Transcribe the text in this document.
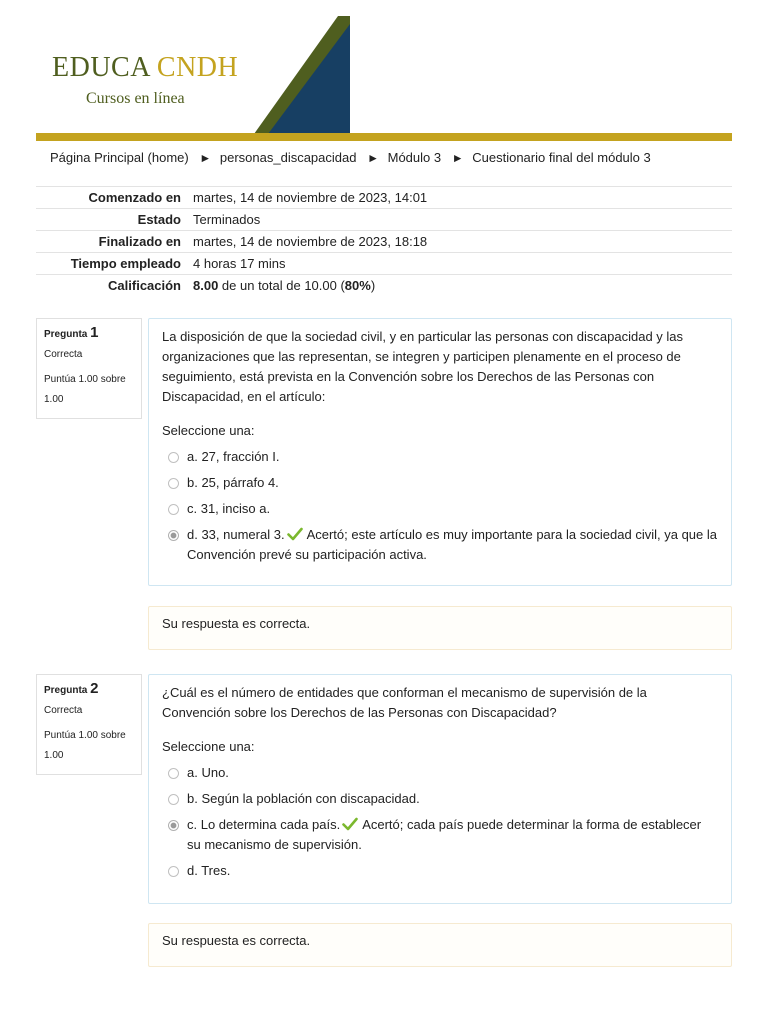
EDUCA CNDH
Cursos en línea
Página Principal (home) ► personas_discapacidad ► Módulo 3 ► Cuestionario final del módulo 3
Comenzado en	martes, 14 de noviembre de 2023, 14:01
Estado	Terminados
Finalizado en	martes, 14 de noviembre de 2023, 18:18
Tiempo empleado	4 horas 17 mins
Calificación	8.00 de un total de 10.00 (80%)
Pregunta 1
Correcta
Puntúa 1.00 sobre 1.00
La disposición de que la sociedad civil, y en particular las personas con discapacidad y las organizaciones que las representan, se integren y participen plenamente en el proceso de seguimiento, está prevista en la Convención sobre los Derechos de las Personas con Discapacidad, en el artículo:
Seleccione una:
a. 27, fracción I.
b. 25, párrafo 4.
c. 31, inciso a.
d. 33, numeral 3. Acertó; este artículo es muy importante para la sociedad civil, ya que la Convención prevé su participación activa.
Su respuesta es correcta.
Pregunta 2
Correcta
Puntúa 1.00 sobre 1.00
¿Cuál es el número de entidades que conforman el mecanismo de supervisión de la Convención sobre los Derechos de las Personas con Discapacidad?
Seleccione una:
a. Uno.
b. Según la población con discapacidad.
c. Lo determina cada país. Acertó; cada país puede determinar la forma de establecer su mecanismo de supervisión.
d. Tres.
Su respuesta es correcta.
